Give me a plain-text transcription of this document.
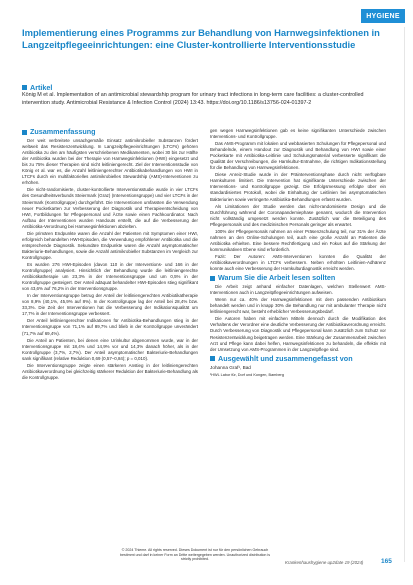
HYGIENE
Implementierung eines Programms zur Behandlung von Harnwegsinfektionen in Langzeitpflegeeinrichtungen: eine Cluster-kontrollierte Interventionsstudie
Artikel

König M et al. Implementation of an antimicrobial stewardship program for urinary tract infections in long-term care facilities: a cluster-controlled intervention study. Antimicrobial Resistance & Infection Control (2024) 13:43. https://doi.org/10.1186/s13756-024-01397-2

Zusammenfassung

Der weit verbreitete unsachgemäße Einsatz antimikrobieller Substanzen fördert weltweit das Resistenzentwicklung. In Langzeitpflegeeinrichtungen (LTCFs) gehören Antibiotika zu den am häufigsten verschriebenen Medikamenten, wobei 30 bis zur Hälfte der Antibiotika wurden bei der Therapie von Harnwegsinfektionen (HWI) eingesetzt und bis zu 75% dieser Therapien sind nicht leitliniengerecht. Ziel der Interventionsstudie von König et al. war es, die Anzahl leitliniengerechter Antibiotikabehandlungen von HWI in LTCFs durch ein multifaktorielles antimikrobielles Stewardship (AMS)-Interventionen zu erhöhen.

Die nicht-randomisierte, cluster-kontrollierte Interventionsstudie wurde in vier LTCFs des Gesundheitsverbunds Steiermark (Graz) (Interventionsgruppe) und vier LTCFs in der Steiermark (Kontrollgruppe) durchgeführt. Die Interventionen umfassten die Verwendung neuer Pocketkarten zur Verbesserung der Diagnostik und Therapieentscheidung von HWI, Fortbildungen für Pflegepersonal und Ärzte sowie einen Fachkoordinator. Nach Aufbau der Interventionen wurden Handouts erstellt, die auf die Verbesserung der Antibiotika-Verordnung bei Harnwegsinfektionen abzielten.

Die primären Endpunkte waren die Anzahl der Patienten mit Symptomen einer HWI, erfolgreich behandelten HWI-Episoden, die Verwendung empfohlener Antibiotika und die entsprechende Diagnostik. Sekundäre Endpunkte waren die Anzahl asymptomatischer Bakteriurie-Behandlungen, sowie die Anzahl antimikrobieller Substanzen im Vergleich zur Kontrollgruppe.

Es wurden 276 HWI-Episoden (davon 110 in der Interventions- und 166 in der Kontrollgruppe) analysiert. Hinsichtlich der Behandlung wurde die leitliniengerechte Antibiotikatherapie um 23,3% in der Interventionsgruppe und um 0,5% in der Kontrollgruppe gesteigert. Der Anteil adäquat behandelter HWI-Episoden stieg signifikant von 43,6% auf 76,2% in der Interventionsgruppe.

In der Interventionsgruppe betrug der Anteil der leitliniengerechten Antibiotikatherapie von 8,9% (40,1%, 45,9% auf 8%). In der Kontrollgruppe lag der Anteil bei 28,4% bzw. 33,3%. Die Zeit der Interventionen hat die Verbesserung der Indikationsqualität um 17,7% in der Interventionsgruppe verbessert.

Der Anteil leitliniengerechter Indikationen für Antibiotika-Behandlungen stieg in der Interventionsgruppe von 71,1% auf 89,7% und blieb in der Kontrollgruppe unverändert (71,7% auf 69,4%).

Die Anteil an Patienten, bei denen eine Urinkultur abgenommen wurde, war in der Interventionsgruppe mit 18,4% und 14,9% vor und 14,3% danach höher, als in der Kontrollgruppe (3,7%, 2,7%). Der Anteil asymptomatischer Bakteriurie-Behandlungen sank signifikant (relative Reduktion 0,69 (0,57–0,84); p = 0,010).

Die Interventionsgruppe zeigte einen stärkeren Anstieg in der leitliniengerechten Antibiotikaverordnung bei gleichzeitig stärkerer Reduktion der Bakteriurie-Behandlung als die Kontrollgruppe.

gen wegen Harnwegsinfektionen gab es keine signifikanten Unterschiede zwischen Interventions- und Kontrollgruppe.

Das AMS-Programm mit lokalen und webbasierten Schulungen für Pflegepersonal und Behandelnde, einem Handout zur Diagnostik und Behandlung von HWI sowie einer Pocketkarte mit Antibiotika-Leitlinie und Schulungsmaterial verbesserte signifikant die Qualität der Verschreibungen, die Harnkultur-Entnahme, die richtigen Indikationsstellung für die Behandlung von Harnwegsinfektionen.

Diese Anreiz-Studie wurde in der Präinterventionsphase durch nicht verfügbare Harnkulturen limitiert. Die Intervention hat signifikante Unterschiede zwischen der Interventions- und Kontrollgruppe gezeigt. Die Erfolgsmessung erfolgte über ein standardisiertes Protokoll, wobei die Einhaltung der Leitlinien bei asymptomatischen Bakteriurien sowie verringerte Antibiotika-Behandlungen erfasst wurden.

Als Limitationen der Studie werden das nicht-randomisierte Design und die Durchführung während der Coronapandemiephase genannt, wodurch die Intervention nicht vollständig umgesetzt werden konnte. Zusätzlich war die Beteiligung des Pflegepersonals und des medizinischen Personals geringer als erwartet.

100% der Pflegepersonals nahmen an einer Präsenzschulung teil, nur 31% der Ärzte nahmen an den Online-Schulungen teil, auch eine große Anzahl an Patienten die Antibiotika erhielten. Eine bessere Rechtfertigung und ein Fokus auf die Stärkung der kommunikativen Ebene sind erforderlich.

Fazit: Der Autoren: AMS-Interventionen konnten die Qualität der Antibiotikaverordnungen in LTCFs verbessern. Neben erhöhten Leitlinien-Adhärenz konnte auch eine Verbesserung der Harnkulturdiagnostik erreicht werden.

Warum Sie die Arbeit lesen sollten

Die Arbeit zeigt anhand einfacher Datenlagen, welchen Stellenwert AMS-Interventionen auch in Langzeitpflegeeinrichtungen aufweisen.

Wenn nur ca. 40% der Harnwegsinfektionen mit dem passenden Antibiotikum behandelt werden und in knapp 30% die Behandlung nur mit ambulanter Therapie nicht leitliniengerecht war, besteht erheblicher Verbesserungsbedarf.

Die Autoren haben mit einfachen Mitteln dennoch durch die Modifikation des Verhaltens der Verordner eine deutliche Verbesserung der Antibiotikaverordnung erreicht. Durch Verbesserung von Diagnostik und Pflegepersonal kann zusätzlich zum Schutz vor Resistenzentwicklung beigetragen werden. Eine Stärkung der Zusammenarbeit zwischen Arzt und Pflege kann dabei helfen, Harnwegsinfektionen zu behandeln, die effektiv mit der Umsetzung von AMS-Programmen in der Langzeitpflege sind.

Ausgewählt und zusammengefasst von

Johanna Graf¹, Bad

¹HWL Labor für, Dorf und Kongen, Bamberg

© 2024 Thieme. All rights reserved. Dieses Dokument ist nur für den persönlichen Gebrauch bestimmt und darf in keiner Form an Dritte weitergegeben werden. Unauthorized distribution is strictly prohibited.
Krankenhaushygiene up2date 19 (2024)	165
